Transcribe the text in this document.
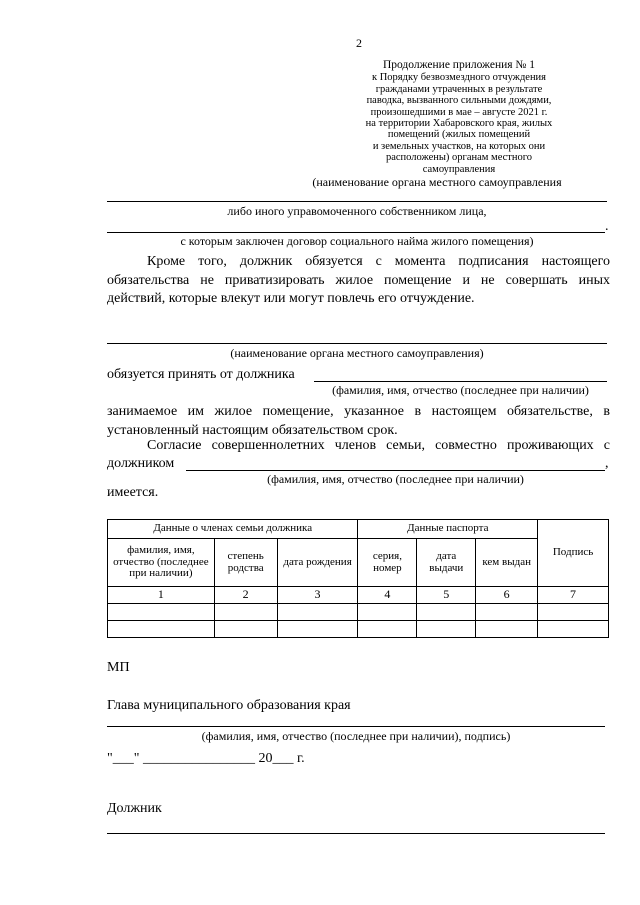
2
Продолжение приложения № 1
к Порядку безвозмездного отчуждения
гражданами утраченных в результате
паводка, вызванного сильными дождями,
произошедшими в мае – августе 2021 г.
на территории Хабаровского края, жилых
помещений (жилых помещений
и земельных участков, на которых они
расположены) органам местного
самоуправления
(наименование органа местного самоуправления
либо иного управомоченного собственником лица,
.
с которым заключен договор социального найма жилого помещения)
Кроме того, должник обязуется с момента подписания настоящего обязательства не приватизировать жилое помещение и не совершать иных действий, которые влекут или могут повлечь его отчуждение.
(наименование органа местного самоуправления)
обязуется принять от должника
(фамилия, имя, отчество (последнее при наличии)
занимаемое им жилое помещение, указанное в настоящем обязательстве, в установленный настоящим обязательством срок.
Согласие совершеннолетних членов семьи, совместно проживающих с
должником	,
(фамилия, имя, отчество (последнее при наличии)
имеется.
Данные о членах семьи должника			Данные паспорта			Подпись
фамилия, имя, отчество (последнее при наличии)	степень родства	дата рождения	серия, номер	дата выдачи	кем выдан	
1	2	3	4	5	6	7

МП
Глава муниципального образования края
(фамилия, имя, отчество (последнее при наличии), подпись)
"___" ________________ 20___ г.
Должник
